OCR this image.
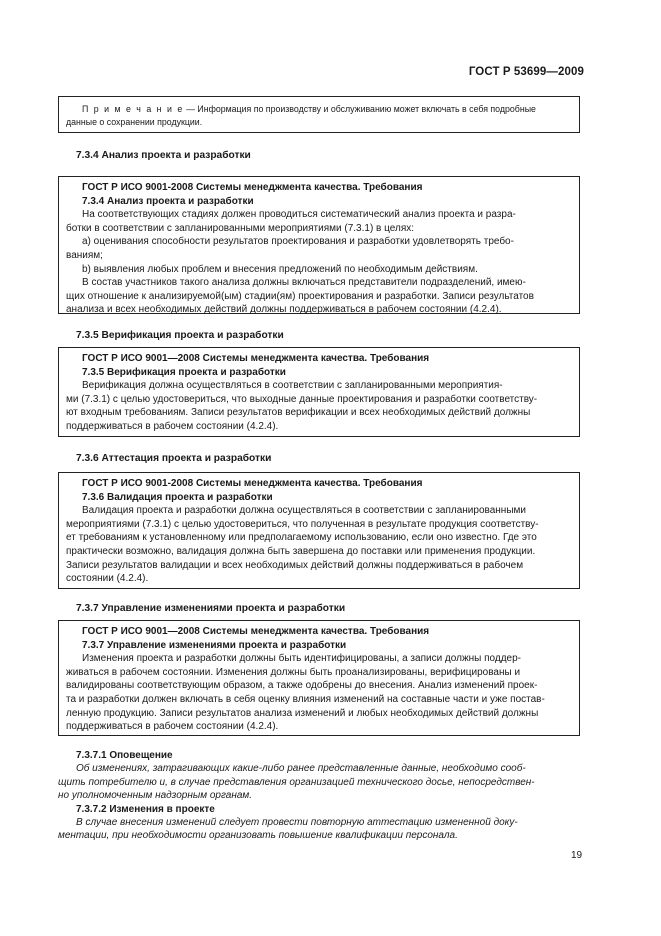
ГОСТ Р 53699—2009

П р и м е ч а н и е — Информация по производству и обслуживанию может включать в себя подробные

данные о сохранении продукции.

7.3.4 Анализ проекта и разработки

ГОСТ Р ИСО 9001-2008 Системы менеджмента качества. Требования

7.3.4 Анализ проекта и разработки

На соответствующих стадиях должен проводиться систематический анализ проекта и разра-

ботки в соответствии с запланированными мероприятиями (7.3.1) в целях:

а) оценивания способности результатов проектирования и разработки удовлетворять требо-

ваниям;

b) выявления любых проблем и внесения предложений по необходимым действиям.

В состав участников такого анализа должны включаться представители подразделений, имею-

щих отношение к анализируемой(ым) стадии(ям) проектирования и разработки. Записи результатов

анализа и всех необходимых действий должны поддерживаться в рабочем состоянии (4.2.4).

7.3.5 Верификация проекта и разработки

ГОСТ Р ИСО 9001—2008 Системы менеджмента качества. Требования

7.3.5 Верификация проекта и разработки

Верификация должна осуществляться в соответствии с запланированными мероприятия-

ми (7.3.1) с целью удостовериться, что выходные данные проектирования и разработки соответству-

ют входным требованиям. Записи результатов верификации и всех необходимых действий должны

поддерживаться в рабочем состоянии (4.2.4).

7.3.6 Аттестация проекта и разработки

ГОСТ Р ИСО 9001-2008 Системы менеджмента качества. Требования

7.3.6 Валидация проекта и разработки

Валидация проекта и разработки должна осуществляться в соответствии с запланированными

мероприятиями (7.3.1) с целью удостовериться, что полученная в результате продукция соответству-

ет требованиям к установленному или предполагаемому использованию, если оно известно. Где это

практически возможно, валидация должна быть завершена до поставки или применения продукции.

Записи результатов валидации и всех необходимых действий должны поддерживаться в рабочем

состоянии (4.2.4).

7.3.7 Управление изменениями проекта и разработки

ГОСТ Р ИСО 9001—2008 Системы менеджмента качества. Требования

7.3.7 Управление изменениями проекта и разработки

Изменения проекта и разработки должны быть идентифицированы, а записи должны поддер-

живаться в рабочем состоянии. Изменения должны быть проанализированы, верифицированы и

валидированы соответствующим образом, а также одобрены до внесения. Анализ изменений проек-

та и разработки должен включать в себя оценку влияния изменений на составные части и уже постав-

ленную продукцию. Записи результатов анализа изменений и любых необходимых действий должны

поддерживаться в рабочем состоянии (4.2.4).

7.3.7.1 Оповещение

Об изменениях, затрагивающих какие-либо ранее представленные данные, необходимо сооб-

щить потребителю и, в случае представления организацией технического досье, непосредствен-

но уполномоченным надзорным органам.

7.3.7.2 Изменения в проекте

В случае внесения изменений следует провести повторную аттестацию измененной доку-

ментации, при необходимости организовать повышение квалификации персонала.

19
